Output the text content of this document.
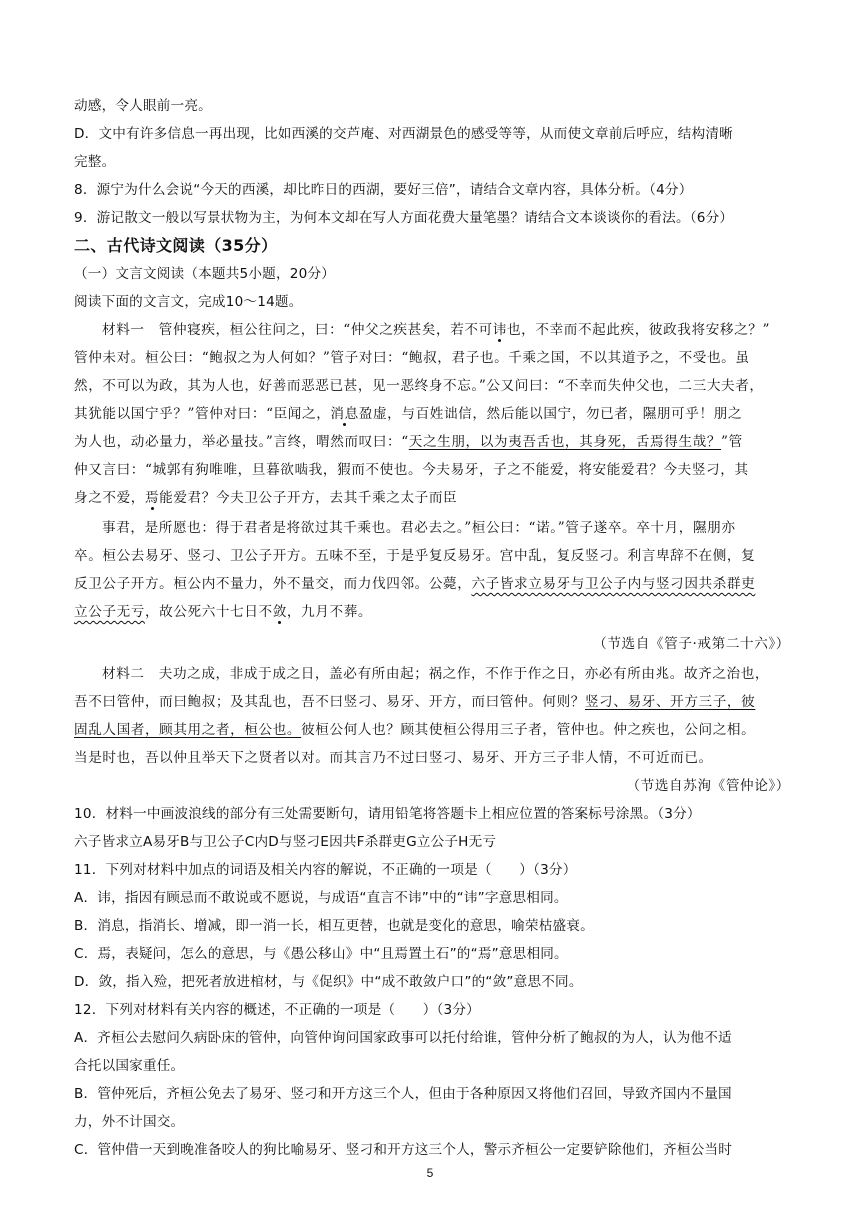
动感，令人眼前一亮。
D．文中有许多信息一再出现，比如西溪的交芦庵、对西湖景色的感受等等，从而使文章前后呼应，结构清晰
完整。
8．源宁为什么会说“今天的西溪，却比昨日的西湖，要好三倍”，请结合文章内容，具体分析。（4分）
9．游记散文一般以写景状物为主，为何本文却在写人方面花费大量笔墨？请结合文本谈谈你的看法。（6分）
二、古代诗文阅读（35分）
（一）文言文阅读（本题共5小题，20分）
阅读下面的文言文，完成10～14题。
材料一　管仲寝疾，桓公往问之，曰：“仲父之疾甚矣，若不可讳也，不幸而不起此疾，彼政我将安移之？”
管仲未对。桓公曰：“鲍叔之为人何如？”管子对曰：“鲍叔，君子也。千乘之国，不以其道予之，不受也。虽
然，不可以为政，其为人也，好善而恶恶已甚，见一恶终身不忘。”公又问曰：“不幸而失仲父也，二三大夫者，
其犹能以国宁乎？”管仲对曰：“臣闻之，消息盈虚，与百姓诎信，然后能以国宁，勿已者，隰朋可乎！朋之
为人也，动必量力，举必量技。”言终，喟然而叹曰：“天之生朋，以为夷吾舌也，其身死，舌焉得生哉？”管
仲又言曰：“城郭有狗唯唯，旦暮欲啮我，猳而不使也。今夫易牙，子之不能爱，将安能爱君？今夫竖刁，其
身之不爱，焉能爱君？今夫卫公子开方，去其千乘之太子而臣
事君，是所愿也：得于君者是将欲过其千乘也。君必去之。”桓公曰：“诺。”管子遂卒。卒十月，隰朋亦
卒。桓公去易牙、竖刁、卫公子开方。五味不至，于是乎复反易牙。宫中乱，复反竖刁。利言卑辞不在侧，复
反卫公子开方。桓公内不量力，外不量交，而力伐四邻。公薨，六子皆求立易牙与卫公子内与竖刁因共杀群吏
立公子无亏，故公死六十七日不敛，九月不葬。
（节选自《管子·戒第二十六》）
材料二　夫功之成，非成于成之日，盖必有所由起；祸之作，不作于作之日，亦必有所由兆。故齐之治也，
吾不曰管仲，而曰鲍叔；及其乱也，吾不曰竖刁、易牙、开方，而曰管仲。何则？竖刁、易牙、开方三子，彼
固乱人国者，顾其用之者，桓公也。彼桓公何人也？顾其使桓公得用三子者，管仲也。仲之疾也，公问之相。
当是时也，吾以仲且举天下之贤者以对。而其言乃不过曰竖刁、易牙、开方三子非人情，不可近而已。
（节选自苏洵《管仲论》）
10．材料一中画波浪线的部分有三处需要断句，请用铅笔将答题卡上相应位置的答案标号涂黑。（3分）
六子皆求立A易牙B与卫公子C内D与竖刁E因共F杀群吏G立公子H无亏
11．下列对材料中加点的词语及相关内容的解说，不正确的一项是（　　）（3分）
A．讳，指因有顾忌而不敢说或不愿说，与成语“直言不讳”中的“讳”字意思相同。
B．消息，指消长、增减，即一消一长，相互更替，也就是变化的意思，喻荣枯盛衰。
C．焉，表疑问，怎么的意思，与《愚公移山》中“且焉置土石”的“焉”意思相同。
D．敛，指入殓，把死者放进棺材，与《促织》中“成不敢敛户口”的“敛”意思不同。
12．下列对材料有关内容的概述，不正确的一项是（　　）（3分）
A．齐桓公去慰问久病卧床的管仲，向管仲询问国家政事可以托付给谁，管仲分析了鲍叔的为人，认为他不适
合托以国家重任。
B．管仲死后，齐桓公免去了易牙、竖刁和开方这三个人，但由于各种原因又将他们召回，导致齐国内不量国
力，外不计国交。
C．管仲借一天到晚准备咬人的狗比喻易牙、竖刁和开方这三个人，警示齐桓公一定要铲除他们，齐桓公当时
5
